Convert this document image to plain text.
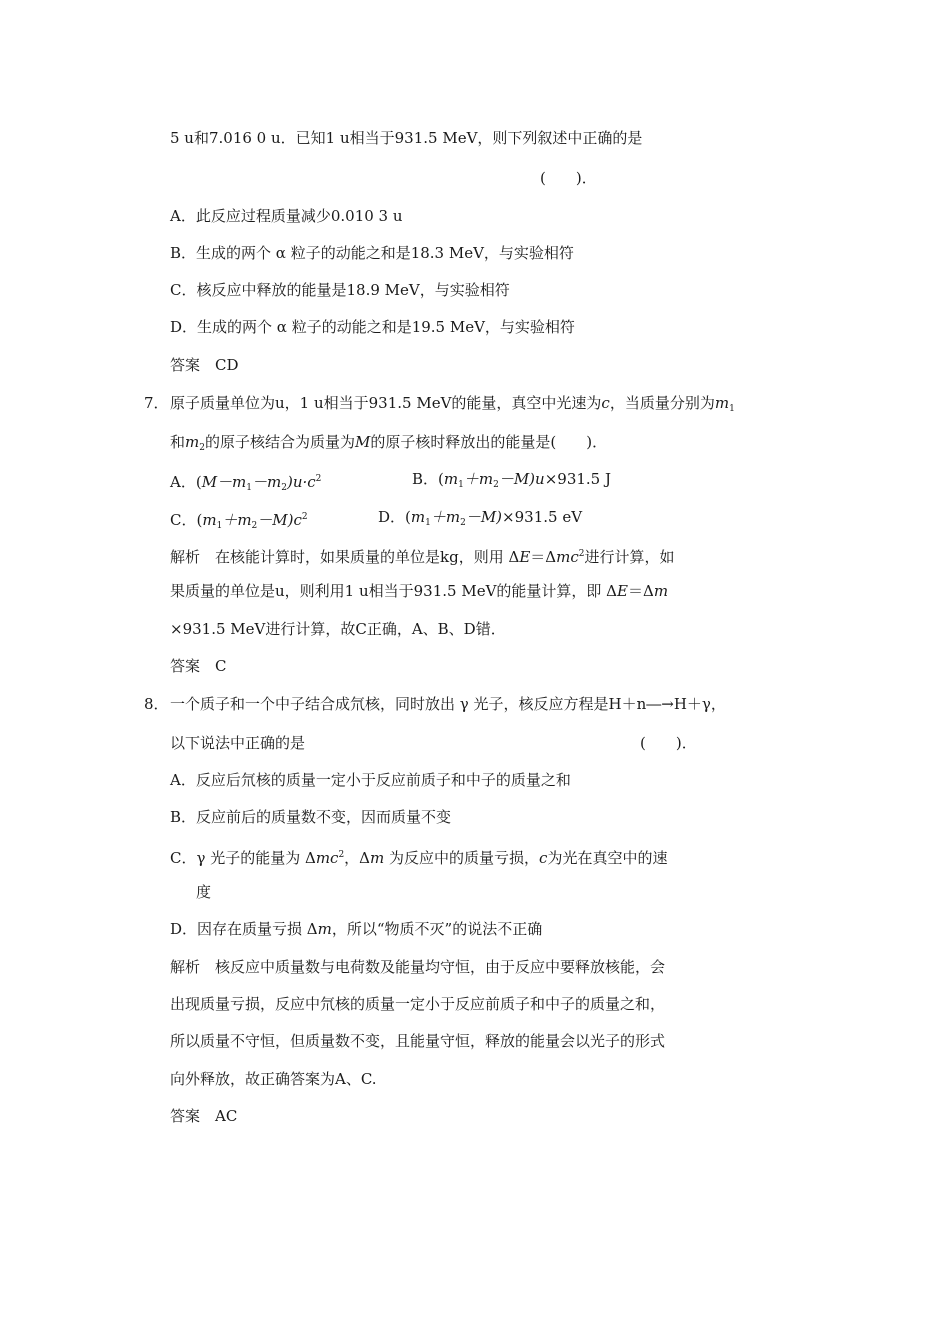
5 u和7.016 0 u．已知1 u相当于931.5 MeV，则下列叙述中正确的是
(　　)．
A．此反应过程质量减少0.010 3 u
B．生成的两个 α 粒子的动能之和是18.3 MeV，与实验相符
C．核反应中释放的能量是18.9 MeV，与实验相符
D．生成的两个 α 粒子的动能之和是19.5 MeV，与实验相符
答案  CD
7． 原子质量单位为u，1 u相当于931.5 MeV的能量，真空中光速为c，当质量分别为$m_1$
和$m_2$的原子核结合为质量为M的原子核时释放出的能量是(　　)．
A．$(M-m_1-m_2)u\cdot c^2$	B．$(m_1+m_2-M)u\times 931.5$ J
C．$(m_1+m_2-M)c^2$	D．$(m_1+m_2-M)\times 931.5$ eV
解析  在核能计算时，如果质量的单位是kg，则用 ΔE＝Δmc$^2$进行计算，如
果质量的单位是u，则利用1 u相当于931.5 MeV的能量计算，即 ΔE＝Δm
×931.5 MeV进行计算，故C正确，A、B、D错．
答案  C
8． 一个质子和一个中子结合成氘核，同时放出 γ 光子，核反应方程是H＋n―→H＋γ，
以下说法中正确的是	(　　)．
A．反应后氘核的质量一定小于反应前质子和中子的质量之和
B．反应前后的质量数不变，因而质量不变
C．γ 光子的能量为 Δmc$^2$，Δm 为反应中的质量亏损，c为光在真空中的速
度
D．因存在质量亏损 Δm，所以“物质不灭”的说法不正确
解析  核反应中质量数与电荷数及能量均守恒，由于反应中要释放核能，会
出现质量亏损，反应中氘核的质量一定小于反应前质子和中子的质量之和，
所以质量不守恒，但质量数不变，且能量守恒，释放的能量会以光子的形式
向外释放，故正确答案为A、C.
答案  AC
